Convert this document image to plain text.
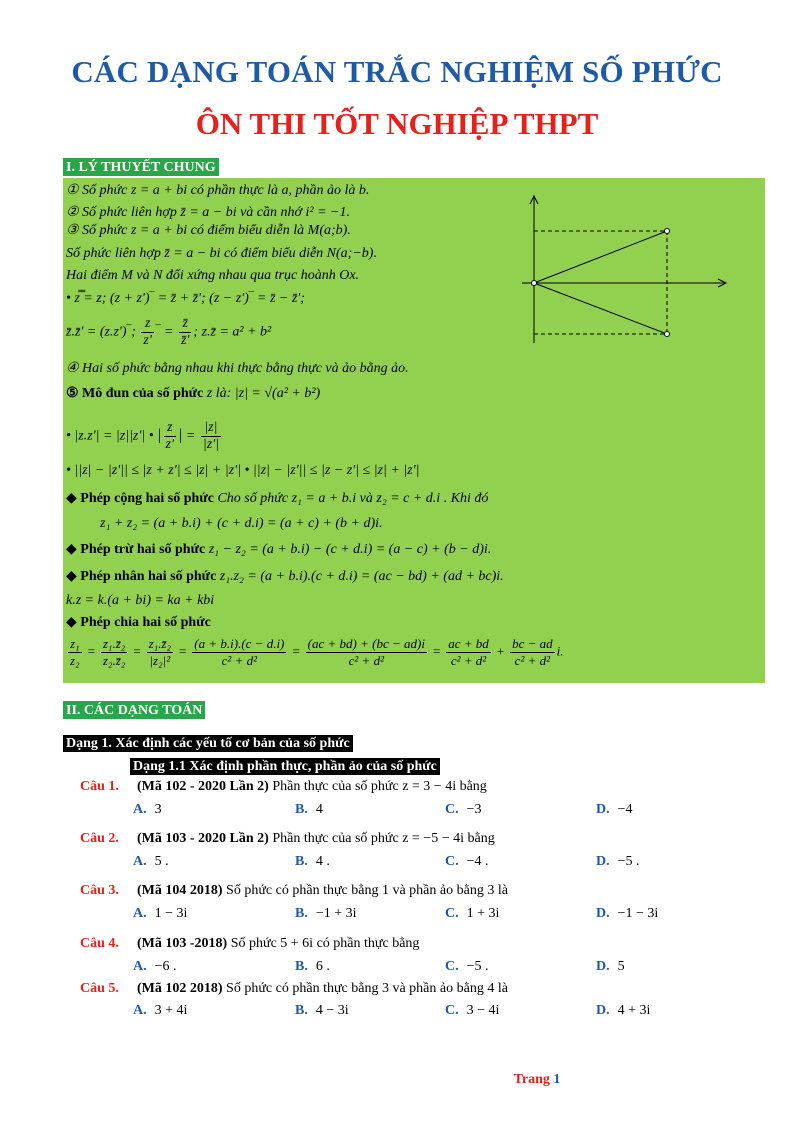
CÁC DẠNG TOÁN TRẮC NGHIỆM SỐ PHỨC
ÔN THI TỐT NGHIỆP THPT
I. LÝ THUYẾT CHUNG
① Số phức z = a + bi có phần thực là a, phần ảo là b.
② Số phức liên hợp z̄ = a − bi và cần nhớ i² = −1.
③ Số phức z = a + bi có điểm biểu diễn là M(a;b).
Số phức liên hợp z̄ = a − bi có điểm biểu diễn N(a;−b).
Hai điểm M và N đối xứng nhau qua trục hoành Ox.
• z̿ = z; (z + z')‾ = z̄ + z̄'; (z − z')‾ = z̄ − z̄';
z̄.z̄' = (z.z')‾; $\frac{z}{z'}$ ‾ = $\frac{z̄}{z̄'}$ ; z.z̄ = a² + b²
④ Hai số phức bằng nhau khi thực bằng thực và ảo bằng ảo.
⑤ Mô đun của số phức z là: |z| = √(a² + b²)
• |z.z'| = |z||z'| • | $\frac{z}{z'}$ | = $\frac{|z|}{|z'|}$
• ||z| − |z'|| ≤ |z + z'| ≤ |z| + |z'| • ||z| − |z'|| ≤ |z − z'| ≤ |z| + |z'|
◆ Phép cộng hai số phức Cho số phức z₁ = a + b.i và z₂ = c + d.i . Khi đó
z₁ + z₂ = (a + b.i) + (c + d.i) = (a + c) + (b + d)i.
◆ Phép trừ hai số phức z₁ − z₂ = (a + b.i) − (c + d.i) = (a − c) + (b − d)i.
◆ Phép nhân hai số phức z₁.z₂ = (a + b.i).(c + d.i) = (ac − bd) + (ad + bc)i.
k.z = k.(a + bi) = ka + kbi
◆ Phép chia hai số phức
$\frac{\text{z₁}}{\text{z₂}} = \frac{\text{z₁.z̄₂}}{\text{z₂.z̄₂}} = \frac{\text{z₁.z̄₂}}{\text{|z₂|²}} = \frac{(a + b.i).(c - d.i)}{\text{c² + d²}} = \frac{(ac + bd) + (bc - ad)i}{\text{c² + d²}} = \frac{ac + bd}{\text{c² + d²}} + \frac{bc - ad}{\text{c² + d²}} i$.
II. CÁC DẠNG TOÁN
Dạng 1. Xác định các yếu tố cơ bản của số phức
Dạng 1.1 Xác định phần thực, phần ảo của số phức
Câu 1. (Mã 102 - 2020 Lần 2) Phần thực của số phức z = 3 − 4i bằng
A. 3	B. 4	C. −3	D. −4
Câu 2. (Mã 103 - 2020 Lần 2) Phần thực của số phức z = −5 − 4i bằng
A. 5 .	B. 4 .	C. −4 .	D. −5 .
Câu 3. (Mã 104 2018) Số phức có phần thực bằng 1 và phần ảo bằng 3 là
A. 1 − 3i	B. −1 + 3i	C. 1 + 3i	D. −1 − 3i
Câu 4. (Mã 103 -2018) Số phức 5 + 6i có phần thực bằng
A. −6 .	B. 6 .	C. −5 .	D. 5
Câu 5. (Mã 102 2018) Số phức có phần thực bằng 3 và phần ảo bằng 4 là
A. 3 + 4i	B. 4 − 3i	C. 3 − 4i	D. 4 + 3i
Trang 1
